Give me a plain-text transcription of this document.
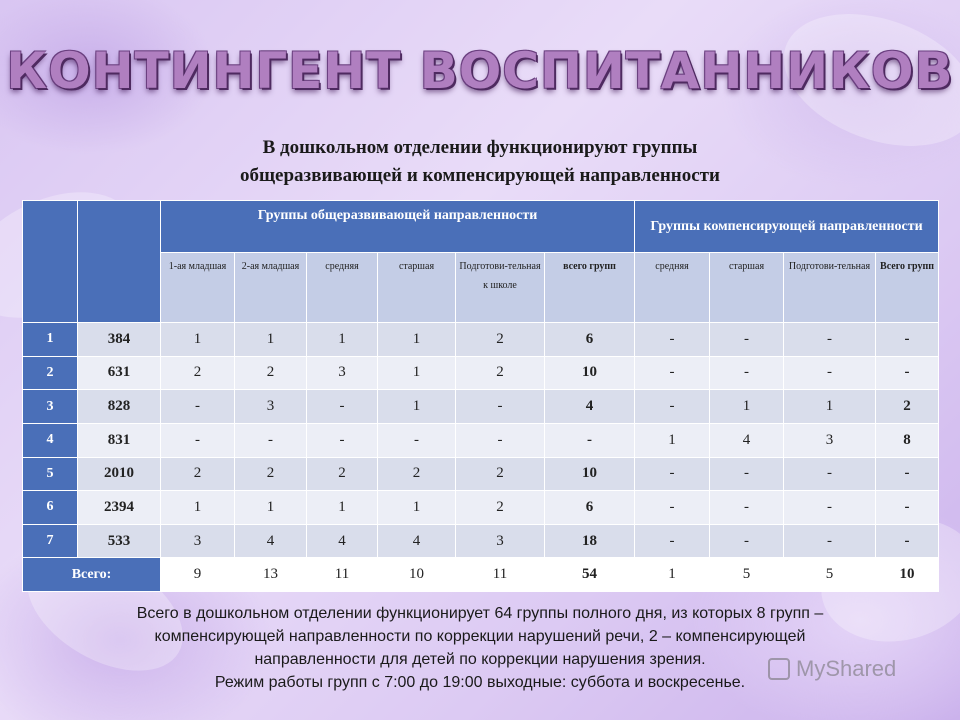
КОНТИНГЕНТ ВОСПИТАННИКОВ
В дошкольном отделении функционируют группы
общеразвивающей и компенсирующей направленности
		Группы общеразвивающей направленности						Группы компенсирующей направленности			
		1-ая младшая	2-ая младшая	средняя	старшая	Подготови-тельная к школе	всего групп	средняя	старшая	Подготови-тельная	Всего групп
1	384	1	1	1	1	2	6	-	-	-	-
2	631	2	2	3	1	2	10	-	-	-	-
3	828	-	3	-	1	-	4	-	1	1	2
4	831	-	-	-	-	-	-	1	4	3	8
5	2010	2	2	2	2	2	10	-	-	-	-
6	2394	1	1	1	1	2	6	-	-	-	-
7	533	3	4	4	4	3	18	-	-	-	-
Всего:		9	13	11	10	11	54	1	5	5	10

Всего в дошкольном отделении функционирует 64 группы полного дня, из которых 8 групп –

компенсирующей направленности по коррекции нарушений речи, 2 – компенсирующей

направленности для детей по коррекции нарушения зрения.

Режим работы групп с 7:00 до 19:00 выходные: суббота и воскресенье.

MyShared
